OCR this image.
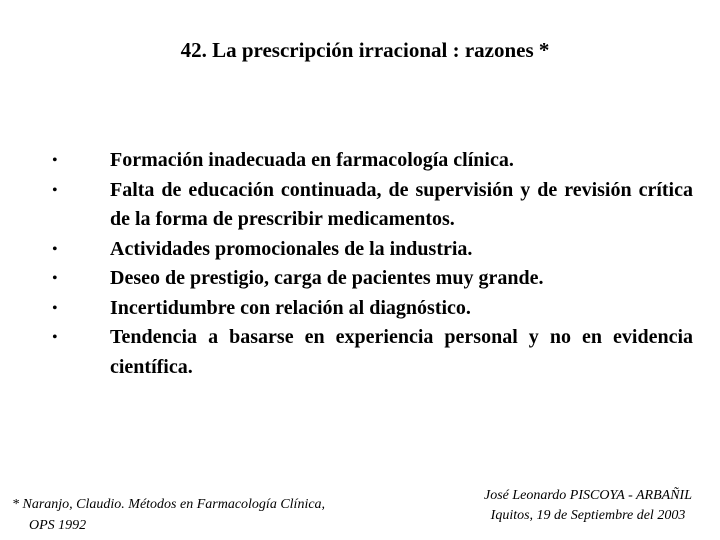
42. La prescripción irracional : razones *
•	Formación inadecuada en farmacología clínica.
•	Falta de educación continuada, de supervisión y de revisión crítica de la forma de prescribir medicamentos.
•	Actividades promocionales de la industria.
•	Deseo de prestigio, carga de pacientes muy grande.
•	Incertidumbre con relación al diagnóstico.
•	Tendencia a basarse en experiencia personal y no en evidencia científica.
* Naranjo, Claudio. Métodos en Farmacología Clínica,
OPS 1992
José Leonardo PISCOYA - ARBAÑIL
Iquitos, 19 de Septiembre del 2003
